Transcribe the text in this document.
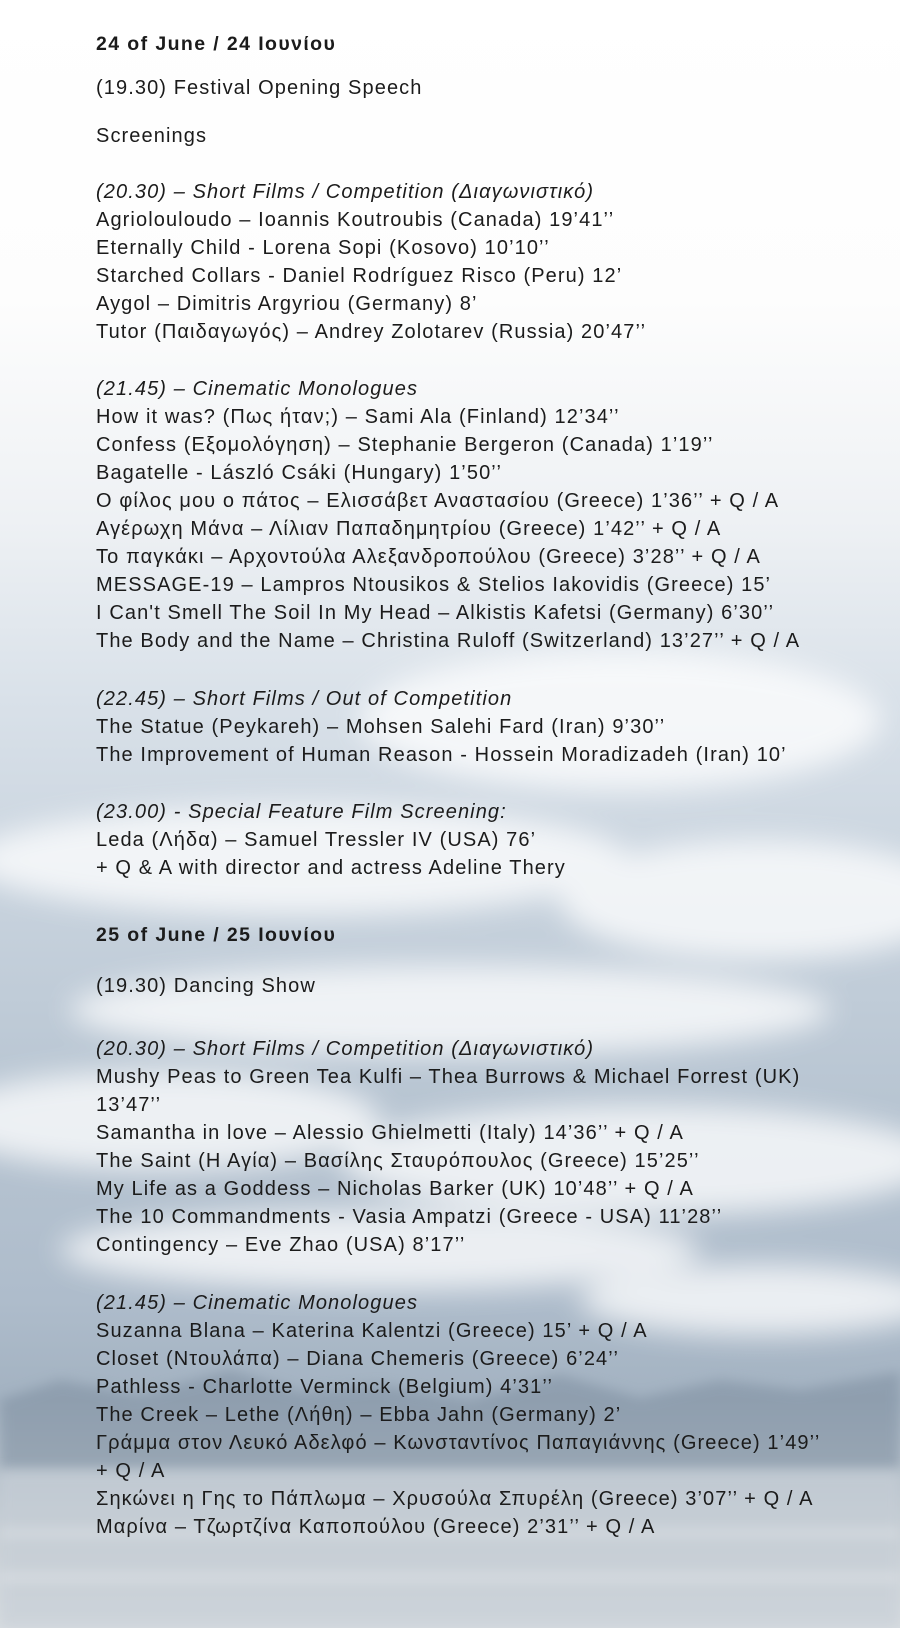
24 of June / 24 Ιουνίου
(19.30) Festival Opening Speech
Screenings
(20.30) – Short Films / Competition (Διαγωνιστικό)
Agriolouloudo – Ioannis Koutroubis (Canada) 19’41’’
Eternally Child - Lorena Sopi (Kosovo) 10’10’’
Starched Collars - Daniel Rodríguez Risco (Peru) 12’
Aygol – Dimitris Argyriou (Germany) 8’
Tutor (Παιδαγωγός) – Andrey Zolotarev (Russia) 20’47’’
(21.45) – Cinematic Monologues
How it was? (Πως ήταν;) – Sami Ala (Finland) 12’34’’
Confess (Εξομολόγηση) – Stephanie Bergeron (Canada) 1’19’’
Bagatelle - László Csáki (Hungary) 1’50’’
Ο φίλος μου ο πάτος – Ελισσάβετ Αναστασίου (Greece) 1’36’’ + Q / A
Αγέρωχη Μάνα – Λίλιαν Παπαδημητρίου (Greece) 1’42’’ + Q / A
Το παγκάκι – Αρχοντούλα Αλεξανδροπούλου (Greece) 3’28’’ + Q / A
MESSAGE-19 – Lampros Ntousikos & Stelios Iakovidis (Greece) 15’
I Can't Smell The Soil In My Head – Alkistis Kafetsi (Germany) 6’30’’
The Body and the Name – Christina Ruloff (Switzerland) 13’27’’ + Q / A
(22.45) – Short Films / Out of Competition
The Statue (Peykareh) – Mohsen Salehi Fard (Iran) 9’30’’
The Improvement of Human Reason - Hossein Moradizadeh (Iran) 10’
(23.00) - Special Feature Film Screening:
Leda (Λήδα) – Samuel Tressler IV (USA) 76’
+ Q & A with director and actress Adeline Thery
25 of June / 25 Ιουνίου
(19.30) Dancing Show
(20.30) – Short Films / Competition (Διαγωνιστικό)
Mushy Peas to Green Tea Kulfi – Thea Burrows & Michael Forrest (UK)
13’47’’
Samantha in love – Alessio Ghielmetti (Italy) 14’36’’ + Q / A
The Saint (Η Αγία) – Βασίλης Σταυρόπουλος (Greece) 15’25’’
My Life as a Goddess – Nicholas Barker (UK) 10’48’’ + Q / A
The 10 Commandments - Vasia Ampatzi (Greece - USA) 11’28’’
Contingency – Eve Zhao (USA) 8’17’’
(21.45) – Cinematic Monologues
Suzanna Blana – Katerina Kalentzi (Greece) 15’ + Q / A
Closet (Ντουλάπα) – Diana Chemeris (Greece) 6’24’’
Pathless - Charlotte Verminck (Belgium) 4’31’’
The Creek – Lethe (Λήθη) – Ebba Jahn (Germany) 2’
Γράμμα στον Λευκό Αδελφό – Κωνσταντίνος Παπαγιάννης (Greece) 1’49’’
+ Q / A
Σηκώνει η Γης το Πάπλωμα – Χρυσούλα Σπυρέλη (Greece) 3’07’’ + Q / A
Μαρίνα – Τζωρτζίνα Καποπούλου (Greece) 2’31’’ + Q / A
